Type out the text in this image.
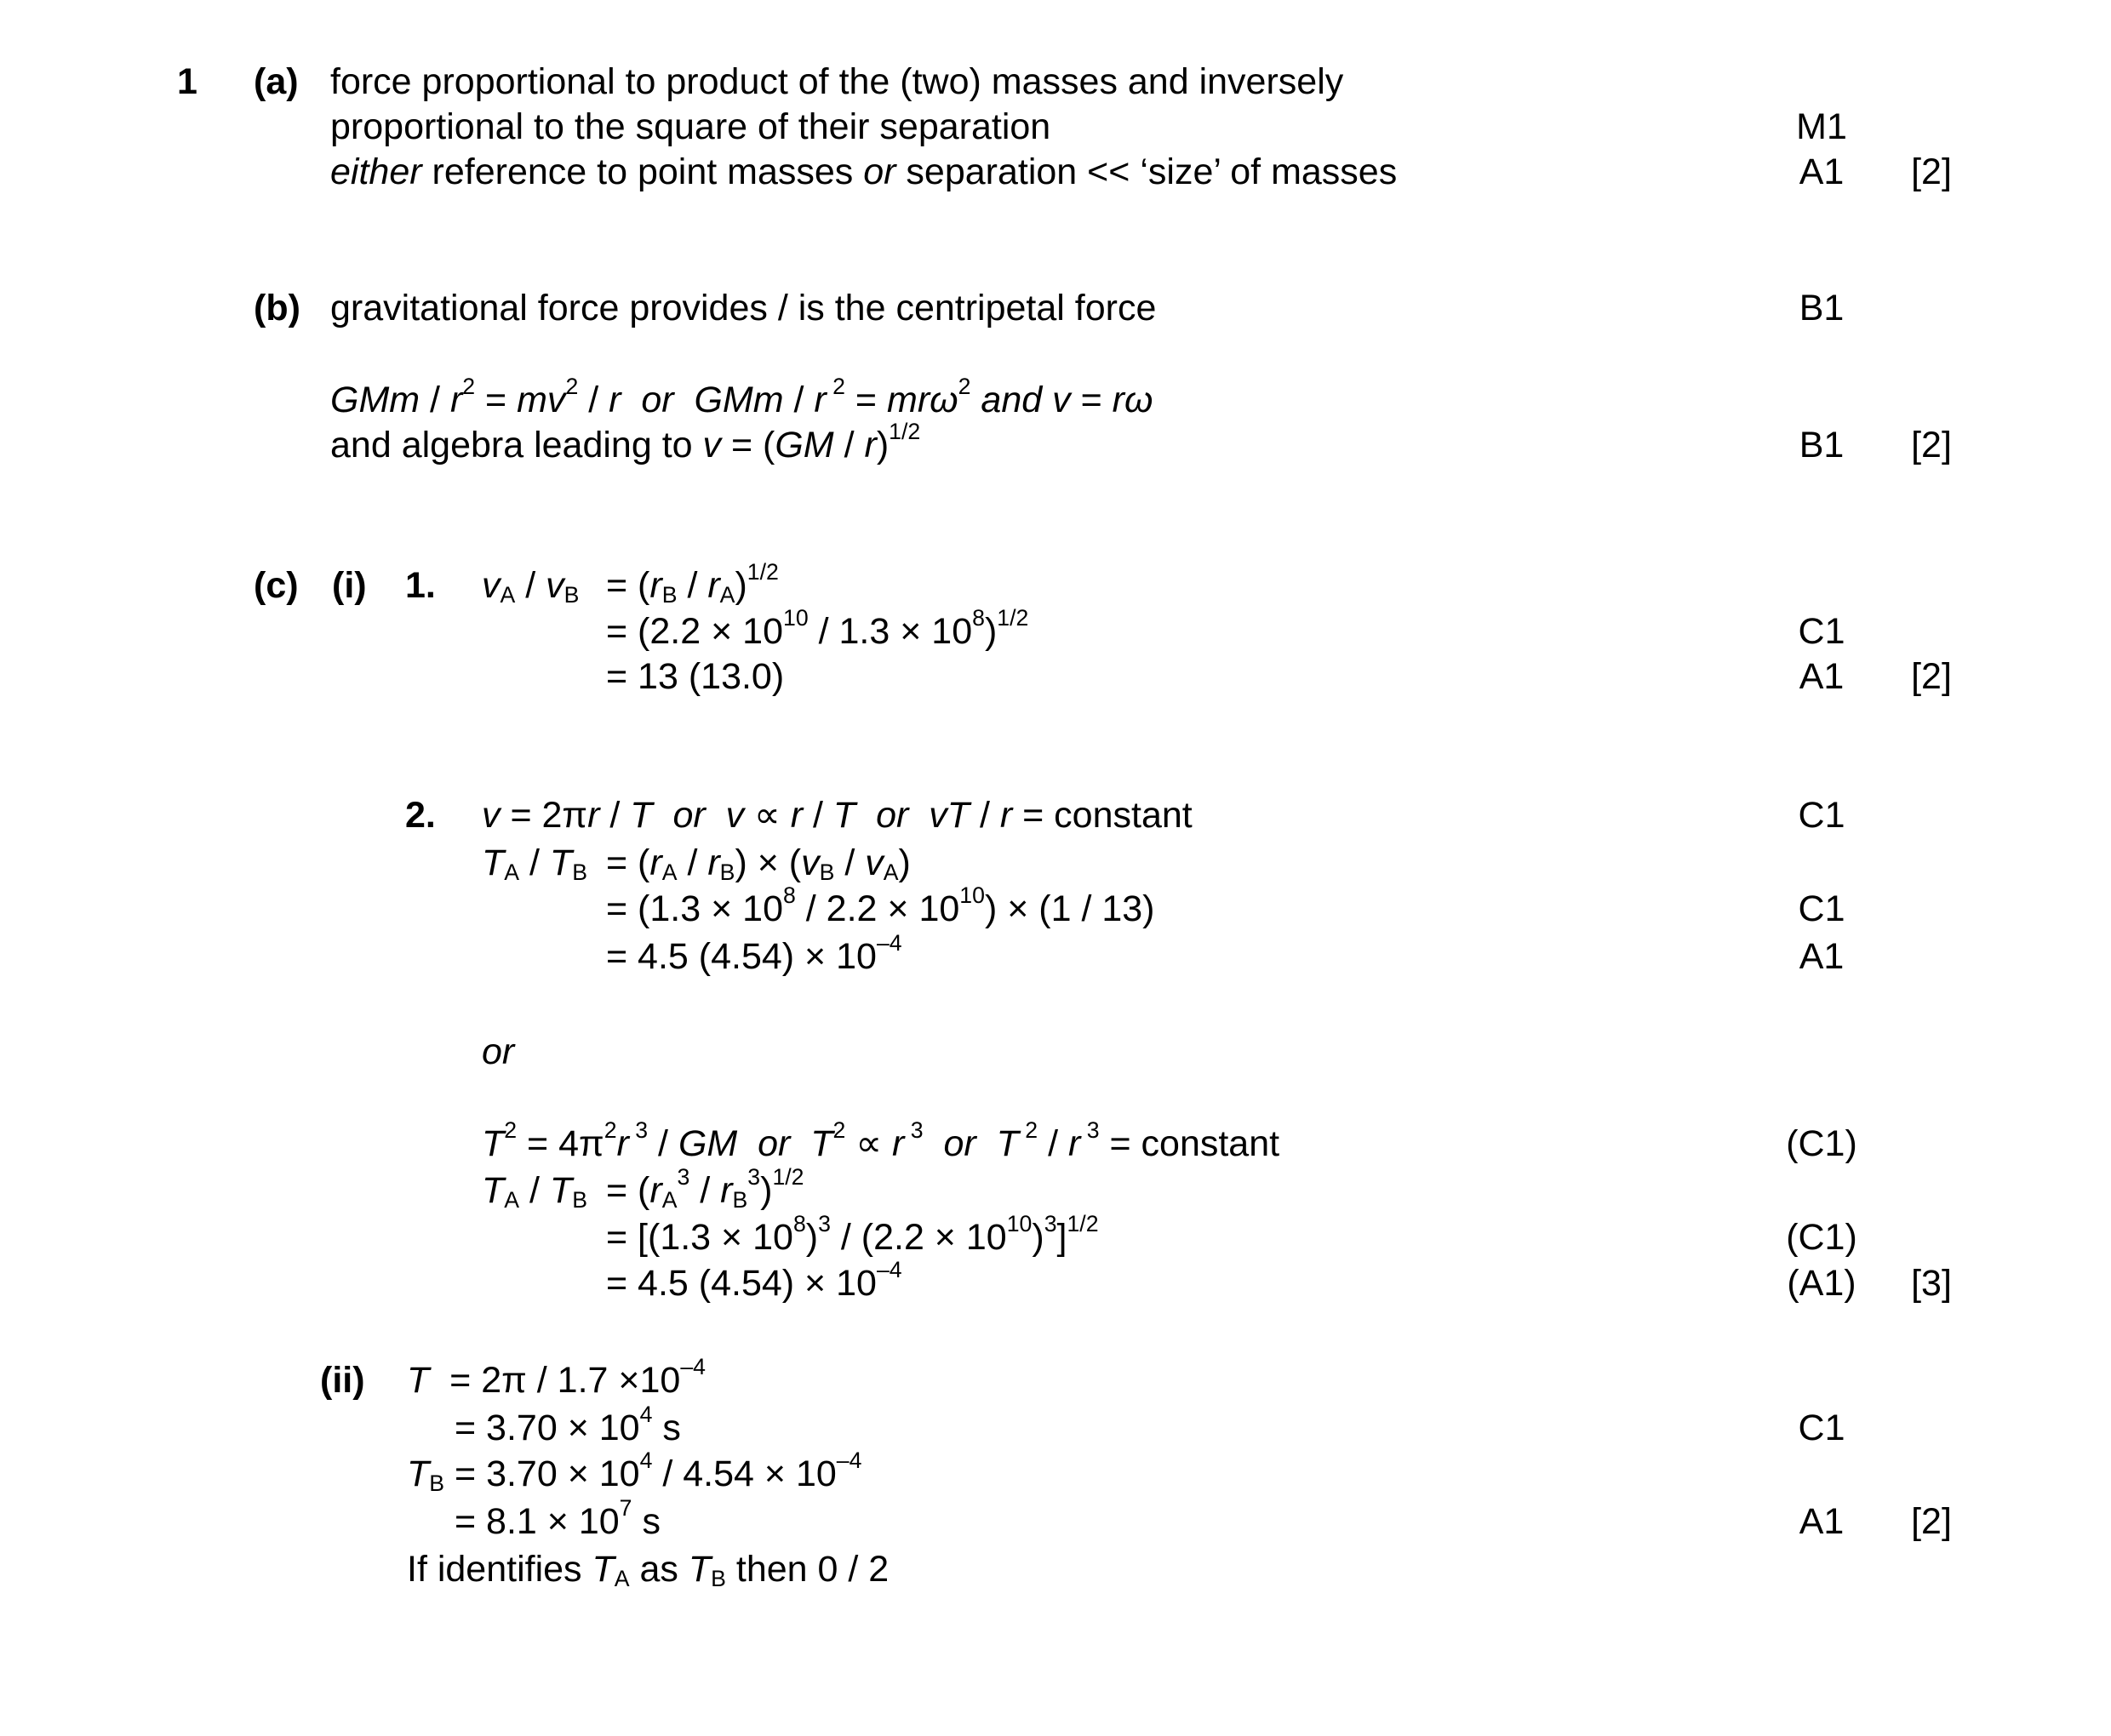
1 (a) force proportional to product of the (two) masses and inversely
proportional to the square of their separation
either reference to point masses or separation << ‘size’ of masses
M1
A1 [2]
(b) gravitational force provides / is the centripetal force
GMm / $r^2 = mv^2 / r$ or GMm / r $^2$ = mrω$^2$ and v = rω
and algebra leading to v = (GM / r)$^{1/2}$
B1
B1 [2]
(c) (i) 1. $v_A / v_B = (r_B / r_A)^{1/2}$
= $(2.2 \times 10^{10} / 1.3 \times 10^8)^{1/2}$
= 13 (13.0)
C1
A1 [2]
2. v = 2πr / T or v ∝ r / T or vT / r = constant
$T_A / T_B = (r_A / r_B) \times (v_B / v_A)$
= $(1.3 \times 10^8 / 2.2 \times 10^{10}) \times (1 / 13)$
= 4.5 $(4.54) \times 10^{-4}$
C1
C1
A1
or
$T^2 = 4\pi^2r$ $^3$ / GM or $T^2 \propto r$ $^3$ or T $^2$ / r $^3$ = constant
$T_A / T_B = (r_A^3 / r_B^3)^{1/2}$
= $[(1.3 \times 10^8)^3 / (2.2 \times 10^{10})^3]^{1/2}$
= 4.5 $(4.54) \times 10^{-4}$
(C1)
(C1)
(A1)	[3]
(ii) $T = 2\pi / 1.7 \times 10^{-4}$
= $3.70 \times 10^4$ s
$T_B = 3.70 \times 10^4 / 4.54 \times 10^{-4}$
= $8.1 \times 10^7$ s
If identifies $T_A$ as $T_B$ then 0 / 2
C1
A1 [2]
